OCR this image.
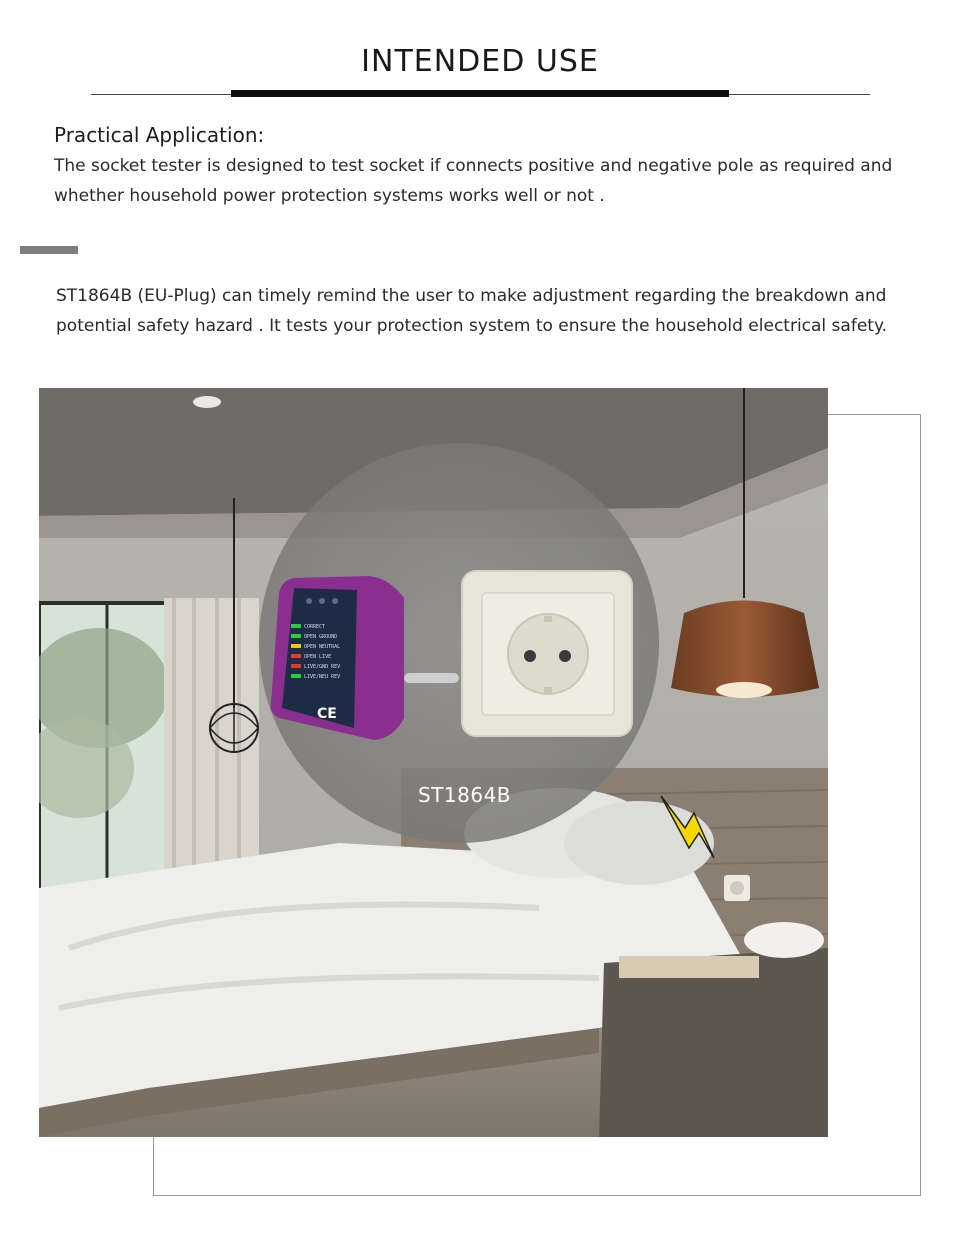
INTENDED USE
Practical Application:

The socket tester is designed to test socket if connects positive and negative pole as required and whether household power protection systems works well or not .

ST1864B (EU-Plug) can timely remind the user to make adjustment regarding the breakdown and potential safety hazard . It tests your protection system to ensure the household electrical safety.

CORRECT
OPEN GROUND
OPEN NEUTRAL
OPEN LIVE
LIVE/GND REV
LIVE/NEU REV
CE
ST1864B
